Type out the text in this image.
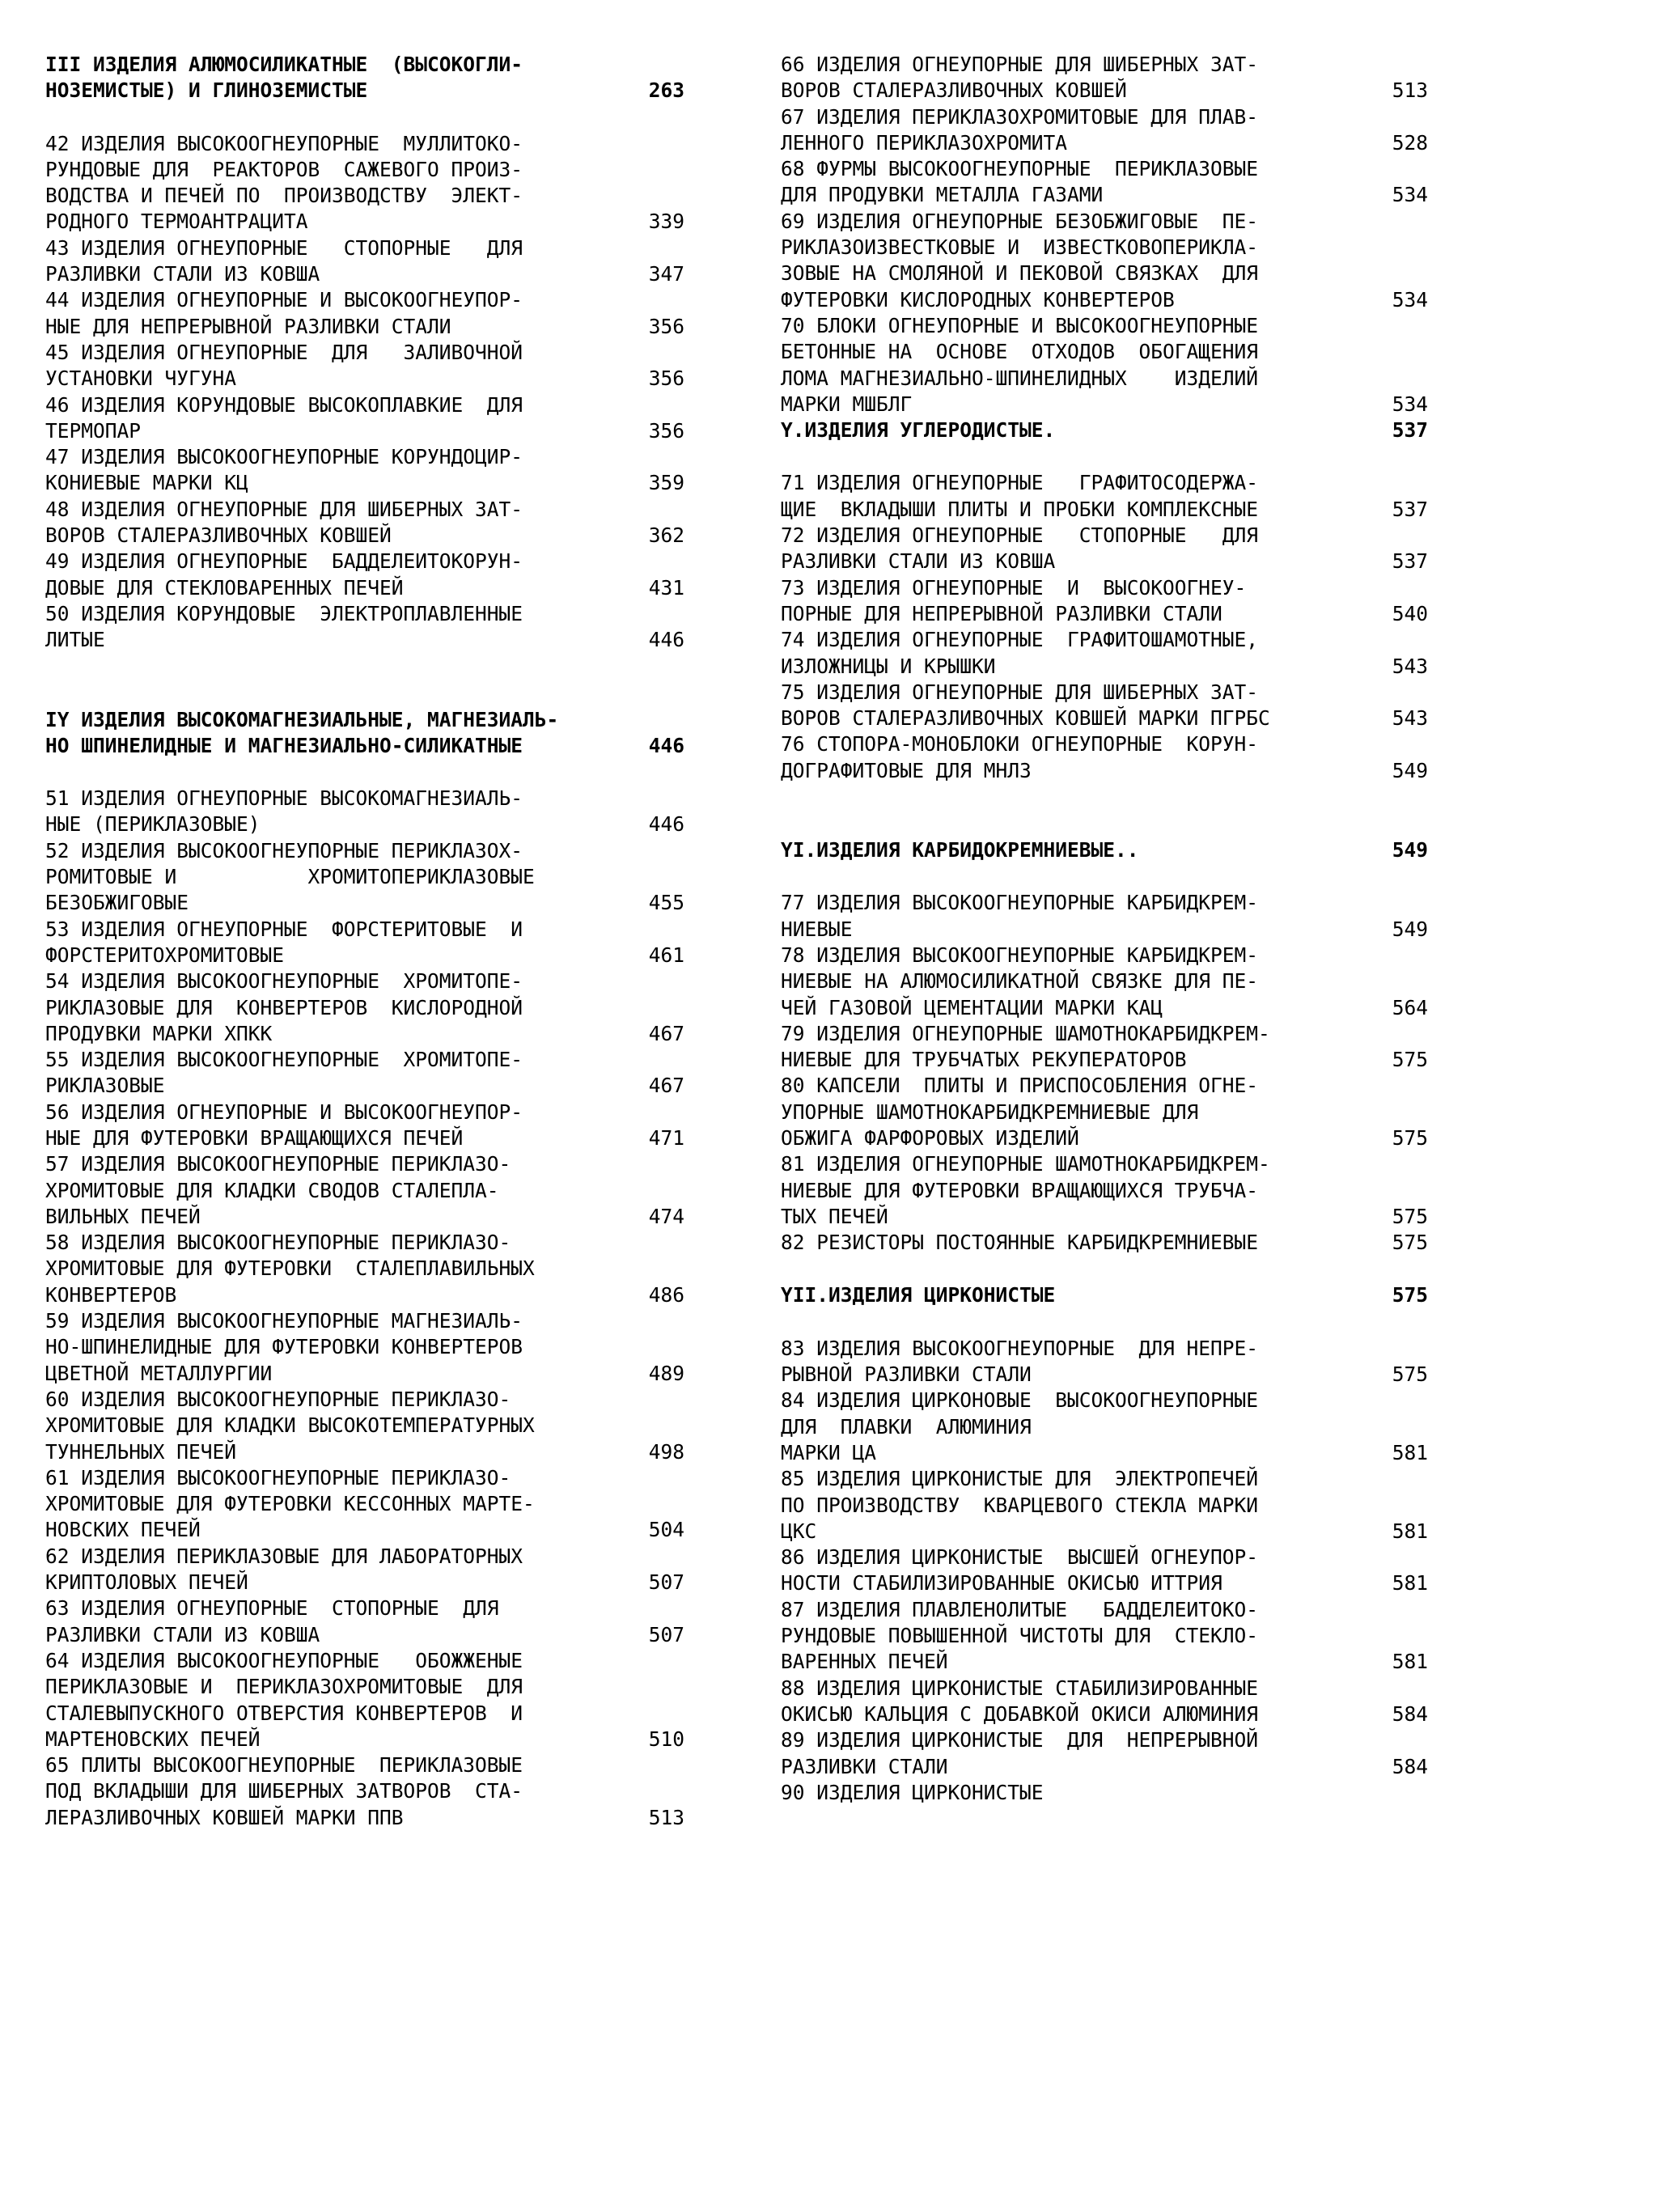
III ИЗДЕЛИЯ АЛЮМОСИЛИКАТНЫЕ  (ВЫСОКОГЛИ-
НОЗЕМИСТЫЕ) И ГЛИНОЗЕМИСТЫЕ	263
42 ИЗДЕЛИЯ ВЫСОКООГНЕУПОРНЫЕ  МУЛЛИТОКО-
РУНДОВЫЕ ДЛЯ  РЕАКТОРОВ  САЖЕВОГО ПРОИЗ-
ВОДСТВА И ПЕЧЕЙ ПО  ПРОИЗВОДСТВУ  ЭЛЕКТ-
РОДНОГО ТЕРМОАНТРАЦИТА	339
43 ИЗДЕЛИЯ ОГНЕУПОРНЫЕ   СТОПОРНЫЕ   ДЛЯ
РАЗЛИВКИ СТАЛИ ИЗ КОВША	347
44 ИЗДЕЛИЯ ОГНЕУПОРНЫЕ И ВЫСОКООГНЕУПОР-
НЫЕ ДЛЯ НЕПРЕРЫВНОЙ РАЗЛИВКИ СТАЛИ	356
45 ИЗДЕЛИЯ ОГНЕУПОРНЫЕ  ДЛЯ   ЗАЛИВОЧНОЙ
УСТАНОВКИ ЧУГУНА	356
46 ИЗДЕЛИЯ КОРУНДОВЫЕ ВЫСОКОПЛАВКИЕ  ДЛЯ
ТЕРМОПАР	356
47 ИЗДЕЛИЯ ВЫСОКООГНЕУПОРНЫЕ КОРУНДОЦИР-
КОНИЕВЫЕ МАРКИ КЦ	359
48 ИЗДЕЛИЯ ОГНЕУПОРНЫЕ ДЛЯ ШИБЕРНЫХ ЗАТ-
ВОРОВ СТАЛЕРАЗЛИВОЧНЫХ КОВШЕЙ	362
49 ИЗДЕЛИЯ ОГНЕУПОРНЫЕ  БАДДЕЛЕИТОКОРУН-
ДОВЫЕ ДЛЯ СТЕКЛОВАРЕННЫХ ПЕЧЕЙ	431
50 ИЗДЕЛИЯ КОРУНДОВЫЕ  ЭЛЕКТРОПЛАВЛЕННЫЕ
ЛИТЫЕ	446
IY ИЗДЕЛИЯ ВЫСОКОМАГНЕЗИАЛЬНЫЕ, МАГНЕЗИАЛЬ-
НО ШПИНЕЛИДНЫЕ И МАГНЕЗИАЛЬНО-СИЛИКАТНЫЕ	446
51 ИЗДЕЛИЯ ОГНЕУПОРНЫЕ ВЫСОКОМАГНЕЗИАЛЬ-
НЫЕ (ПЕРИКЛАЗОВЫЕ)	446
52 ИЗДЕЛИЯ ВЫСОКООГНЕУПОРНЫЕ ПЕРИКЛАЗОХ-
РОМИТОВЫЕ И           ХРОМИТОПЕРИКЛАЗОВЫЕ
БЕЗОБЖИГОВЫЕ	455
53 ИЗДЕЛИЯ ОГНЕУПОРНЫЕ  ФОРСТЕРИТОВЫЕ  И
ФОРСТЕРИТОХРОМИТОВЫЕ	461
54 ИЗДЕЛИЯ ВЫСОКООГНЕУПОРНЫЕ  ХРОМИТОПЕ-
РИКЛАЗОВЫЕ ДЛЯ  КОНВЕРТЕРОВ  КИСЛОРОДНОЙ
ПРОДУВКИ МАРКИ ХПКК	467
55 ИЗДЕЛИЯ ВЫСОКООГНЕУПОРНЫЕ  ХРОМИТОПЕ-
РИКЛАЗОВЫЕ	467
56 ИЗДЕЛИЯ ОГНЕУПОРНЫЕ И ВЫСОКООГНЕУПОР-
НЫЕ ДЛЯ ФУТЕРОВКИ ВРАЩАЮЩИХСЯ ПЕЧЕЙ	471
57 ИЗДЕЛИЯ ВЫСОКООГНЕУПОРНЫЕ ПЕРИКЛАЗО-
ХРОМИТОВЫЕ ДЛЯ КЛАДКИ СВОДОВ СТАЛЕПЛА-
ВИЛЬНЫХ ПЕЧЕЙ	474
58 ИЗДЕЛИЯ ВЫСОКООГНЕУПОРНЫЕ ПЕРИКЛАЗО-
ХРОМИТОВЫЕ ДЛЯ ФУТЕРОВКИ  СТАЛЕПЛАВИЛЬНЫХ
КОНВЕРТЕРОВ	486
59 ИЗДЕЛИЯ ВЫСОКООГНЕУПОРНЫЕ МАГНЕЗИАЛЬ-
НО-ШПИНЕЛИДНЫЕ ДЛЯ ФУТЕРОВКИ КОНВЕРТЕРОВ
ЦВЕТНОЙ МЕТАЛЛУРГИИ	489
60 ИЗДЕЛИЯ ВЫСОКООГНЕУПОРНЫЕ ПЕРИКЛАЗО-
ХРОМИТОВЫЕ ДЛЯ КЛАДКИ ВЫСОКОТЕМПЕРАТУРНЫХ
ТУННЕЛЬНЫХ ПЕЧЕЙ	498
61 ИЗДЕЛИЯ ВЫСОКООГНЕУПОРНЫЕ ПЕРИКЛАЗО-
ХРОМИТОВЫЕ ДЛЯ ФУТЕРОВКИ КЕССОННЫХ МАРТЕ-
НОВСКИХ ПЕЧЕЙ	504
62 ИЗДЕЛИЯ ПЕРИКЛАЗОВЫЕ ДЛЯ ЛАБОРАТОРНЫХ
КРИПТОЛОВЫХ ПЕЧЕЙ	507
63 ИЗДЕЛИЯ ОГНЕУПОРНЫЕ  СТОПОРНЫЕ  ДЛЯ
РАЗЛИВКИ СТАЛИ ИЗ КОВША	507
64 ИЗДЕЛИЯ ВЫСОКООГНЕУПОРНЫЕ   ОБОЖЖЕНЫЕ
ПЕРИКЛАЗОВЫЕ И  ПЕРИКЛАЗОХРОМИТОВЫЕ  ДЛЯ
СТАЛЕВЫПУСКНОГО ОТВЕРСТИЯ КОНВЕРТЕРОВ  И
МАРТЕНОВСКИХ ПЕЧЕЙ	510
65 ПЛИТЫ ВЫСОКООГНЕУПОРНЫЕ  ПЕРИКЛАЗОВЫЕ
ПОД ВКЛАДЫШИ ДЛЯ ШИБЕРНЫХ ЗАТВОРОВ  СТА-
ЛЕРАЗЛИВОЧНЫХ КОВШЕЙ МАРКИ ППВ	513
66 ИЗДЕЛИЯ ОГНЕУПОРНЫЕ ДЛЯ ШИБЕРНЫХ ЗАТ-
ВОРОВ СТАЛЕРАЗЛИВОЧНЫХ КОВШЕЙ	513
67 ИЗДЕЛИЯ ПЕРИКЛАЗОХРОМИТОВЫЕ ДЛЯ ПЛАВ-
ЛЕННОГО ПЕРИКЛАЗОХРОМИТА	528
68 ФУРМЫ ВЫСОКООГНЕУПОРНЫЕ  ПЕРИКЛАЗОВЫЕ
ДЛЯ ПРОДУВКИ МЕТАЛЛА ГАЗАМИ	534
69 ИЗДЕЛИЯ ОГНЕУПОРНЫЕ БЕЗОБЖИГОВЫЕ  ПЕ-
РИКЛАЗОИЗВЕСТКОВЫЕ И  ИЗВЕСТКОВОПЕРИКЛА-
ЗОВЫЕ НА СМОЛЯНОЙ И ПЕКОВОЙ СВЯЗКАХ  ДЛЯ
ФУТЕРОВКИ КИСЛОРОДНЫХ КОНВЕРТЕРОВ	534
70 БЛОКИ ОГНЕУПОРНЫЕ И ВЫСОКООГНЕУПОРНЫЕ
БЕТОННЫЕ НА  ОСНОВЕ  ОТХОДОВ  ОБОГАЩЕНИЯ
ЛОМА МАГНЕЗИАЛЬНО-ШПИНЕЛИДНЫХ    ИЗДЕЛИЙ
МАРКИ МШБЛГ	534
Y.ИЗДЕЛИЯ УГЛЕРОДИСТЫЕ.	537
71 ИЗДЕЛИЯ ОГНЕУПОРНЫЕ   ГРАФИТОСОДЕРЖА-
ЩИЕ  ВКЛАДЫШИ ПЛИТЫ И ПРОБКИ КОМПЛЕКСНЫЕ	537
72 ИЗДЕЛИЯ ОГНЕУПОРНЫЕ   СТОПОРНЫЕ   ДЛЯ
РАЗЛИВКИ СТАЛИ ИЗ КОВША	537
73 ИЗДЕЛИЯ ОГНЕУПОРНЫЕ  И  ВЫСОКООГНЕУ-
ПОРНЫЕ ДЛЯ НЕПРЕРЫВНОЙ РАЗЛИВКИ СТАЛИ	540
74 ИЗДЕЛИЯ ОГНЕУПОРНЫЕ  ГРАФИТОШАМОТНЫЕ,
ИЗЛОЖНИЦЫ И КРЫШКИ	543
75 ИЗДЕЛИЯ ОГНЕУПОРНЫЕ ДЛЯ ШИБЕРНЫХ ЗАТ-
ВОРОВ СТАЛЕРАЗЛИВОЧНЫХ КОВШЕЙ МАРКИ ПГРБС	543
76 СТОПОРА-МОНОБЛОКИ ОГНЕУПОРНЫЕ  КОРУН-
ДОГРАФИТОВЫЕ ДЛЯ МНЛЗ	549
YI.ИЗДЕЛИЯ КАРБИДОКРЕМНИЕВЫЕ..	549
77 ИЗДЕЛИЯ ВЫСОКООГНЕУПОРНЫЕ КАРБИДКРЕМ-
НИЕВЫЕ	549
78 ИЗДЕЛИЯ ВЫСОКООГНЕУПОРНЫЕ КАРБИДКРЕМ-
НИЕВЫЕ НА АЛЮМОСИЛИКАТНОЙ СВЯЗКЕ ДЛЯ ПЕ-
ЧЕЙ ГАЗОВОЙ ЦЕМЕНТАЦИИ МАРКИ КАЦ	564
79 ИЗДЕЛИЯ ОГНЕУПОРНЫЕ ШАМОТНОКАРБИДКРЕМ-
НИЕВЫЕ ДЛЯ ТРУБЧАТЫХ РЕКУПЕРАТОРОВ	575
80 КАПСЕЛИ  ПЛИТЫ И ПРИСПОСОБЛЕНИЯ ОГНЕ-
УПОРНЫЕ ШАМОТНОКАРБИДКРЕМНИЕВЫЕ ДЛЯ
ОБЖИГА ФАРФОРОВЫХ ИЗДЕЛИЙ	575
81 ИЗДЕЛИЯ ОГНЕУПОРНЫЕ ШАМОТНОКАРБИДКРЕМ-
НИЕВЫЕ ДЛЯ ФУТЕРОВКИ ВРАЩАЮЩИХСЯ ТРУБЧА-
ТЫХ ПЕЧЕЙ	575
82 РЕЗИСТОРЫ ПОСТОЯННЫЕ КАРБИДКРЕМНИЕВЫЕ	575
YII.ИЗДЕЛИЯ ЦИРКОНИСТЫЕ	575
83 ИЗДЕЛИЯ ВЫСОКООГНЕУПОРНЫЕ  ДЛЯ НЕПРЕ-
РЫВНОЙ РАЗЛИВКИ СТАЛИ	575
84 ИЗДЕЛИЯ ЦИРКОНОВЫЕ  ВЫСОКООГНЕУПОРНЫЕ
ДЛЯ  ПЛАВКИ  АЛЮМИНИЯ
МАРКИ ЦА	581
85 ИЗДЕЛИЯ ЦИРКОНИСТЫЕ ДЛЯ  ЭЛЕКТРОПЕЧЕЙ
ПО ПРОИЗВОДСТВУ  КВАРЦЕВОГО СТЕКЛА МАРКИ
ЦКС	581
86 ИЗДЕЛИЯ ЦИРКОНИСТЫЕ  ВЫСШЕЙ ОГНЕУПОР-
НОСТИ СТАБИЛИЗИРОВАННЫЕ ОКИСЬЮ ИТТРИЯ	581
87 ИЗДЕЛИЯ ПЛАВЛЕНОЛИТЫЕ   БАДДЕЛЕИТОКО-
РУНДОВЫЕ ПОВЫШЕННОЙ ЧИСТОТЫ ДЛЯ  СТЕКЛО-
ВАРЕННЫХ ПЕЧЕЙ	581
88 ИЗДЕЛИЯ ЦИРКОНИСТЫЕ СТАБИЛИЗИРОВАННЫЕ
ОКИСЬЮ КАЛЬЦИЯ С ДОБАВКОЙ ОКИСИ АЛЮМИНИЯ	584
89 ИЗДЕЛИЯ ЦИРКОНИСТЫЕ  ДЛЯ  НЕПРЕРЫВНОЙ
РАЗЛИВКИ СТАЛИ	584
90 ИЗДЕЛИЯ ЦИРКОНИСТЫЕ
